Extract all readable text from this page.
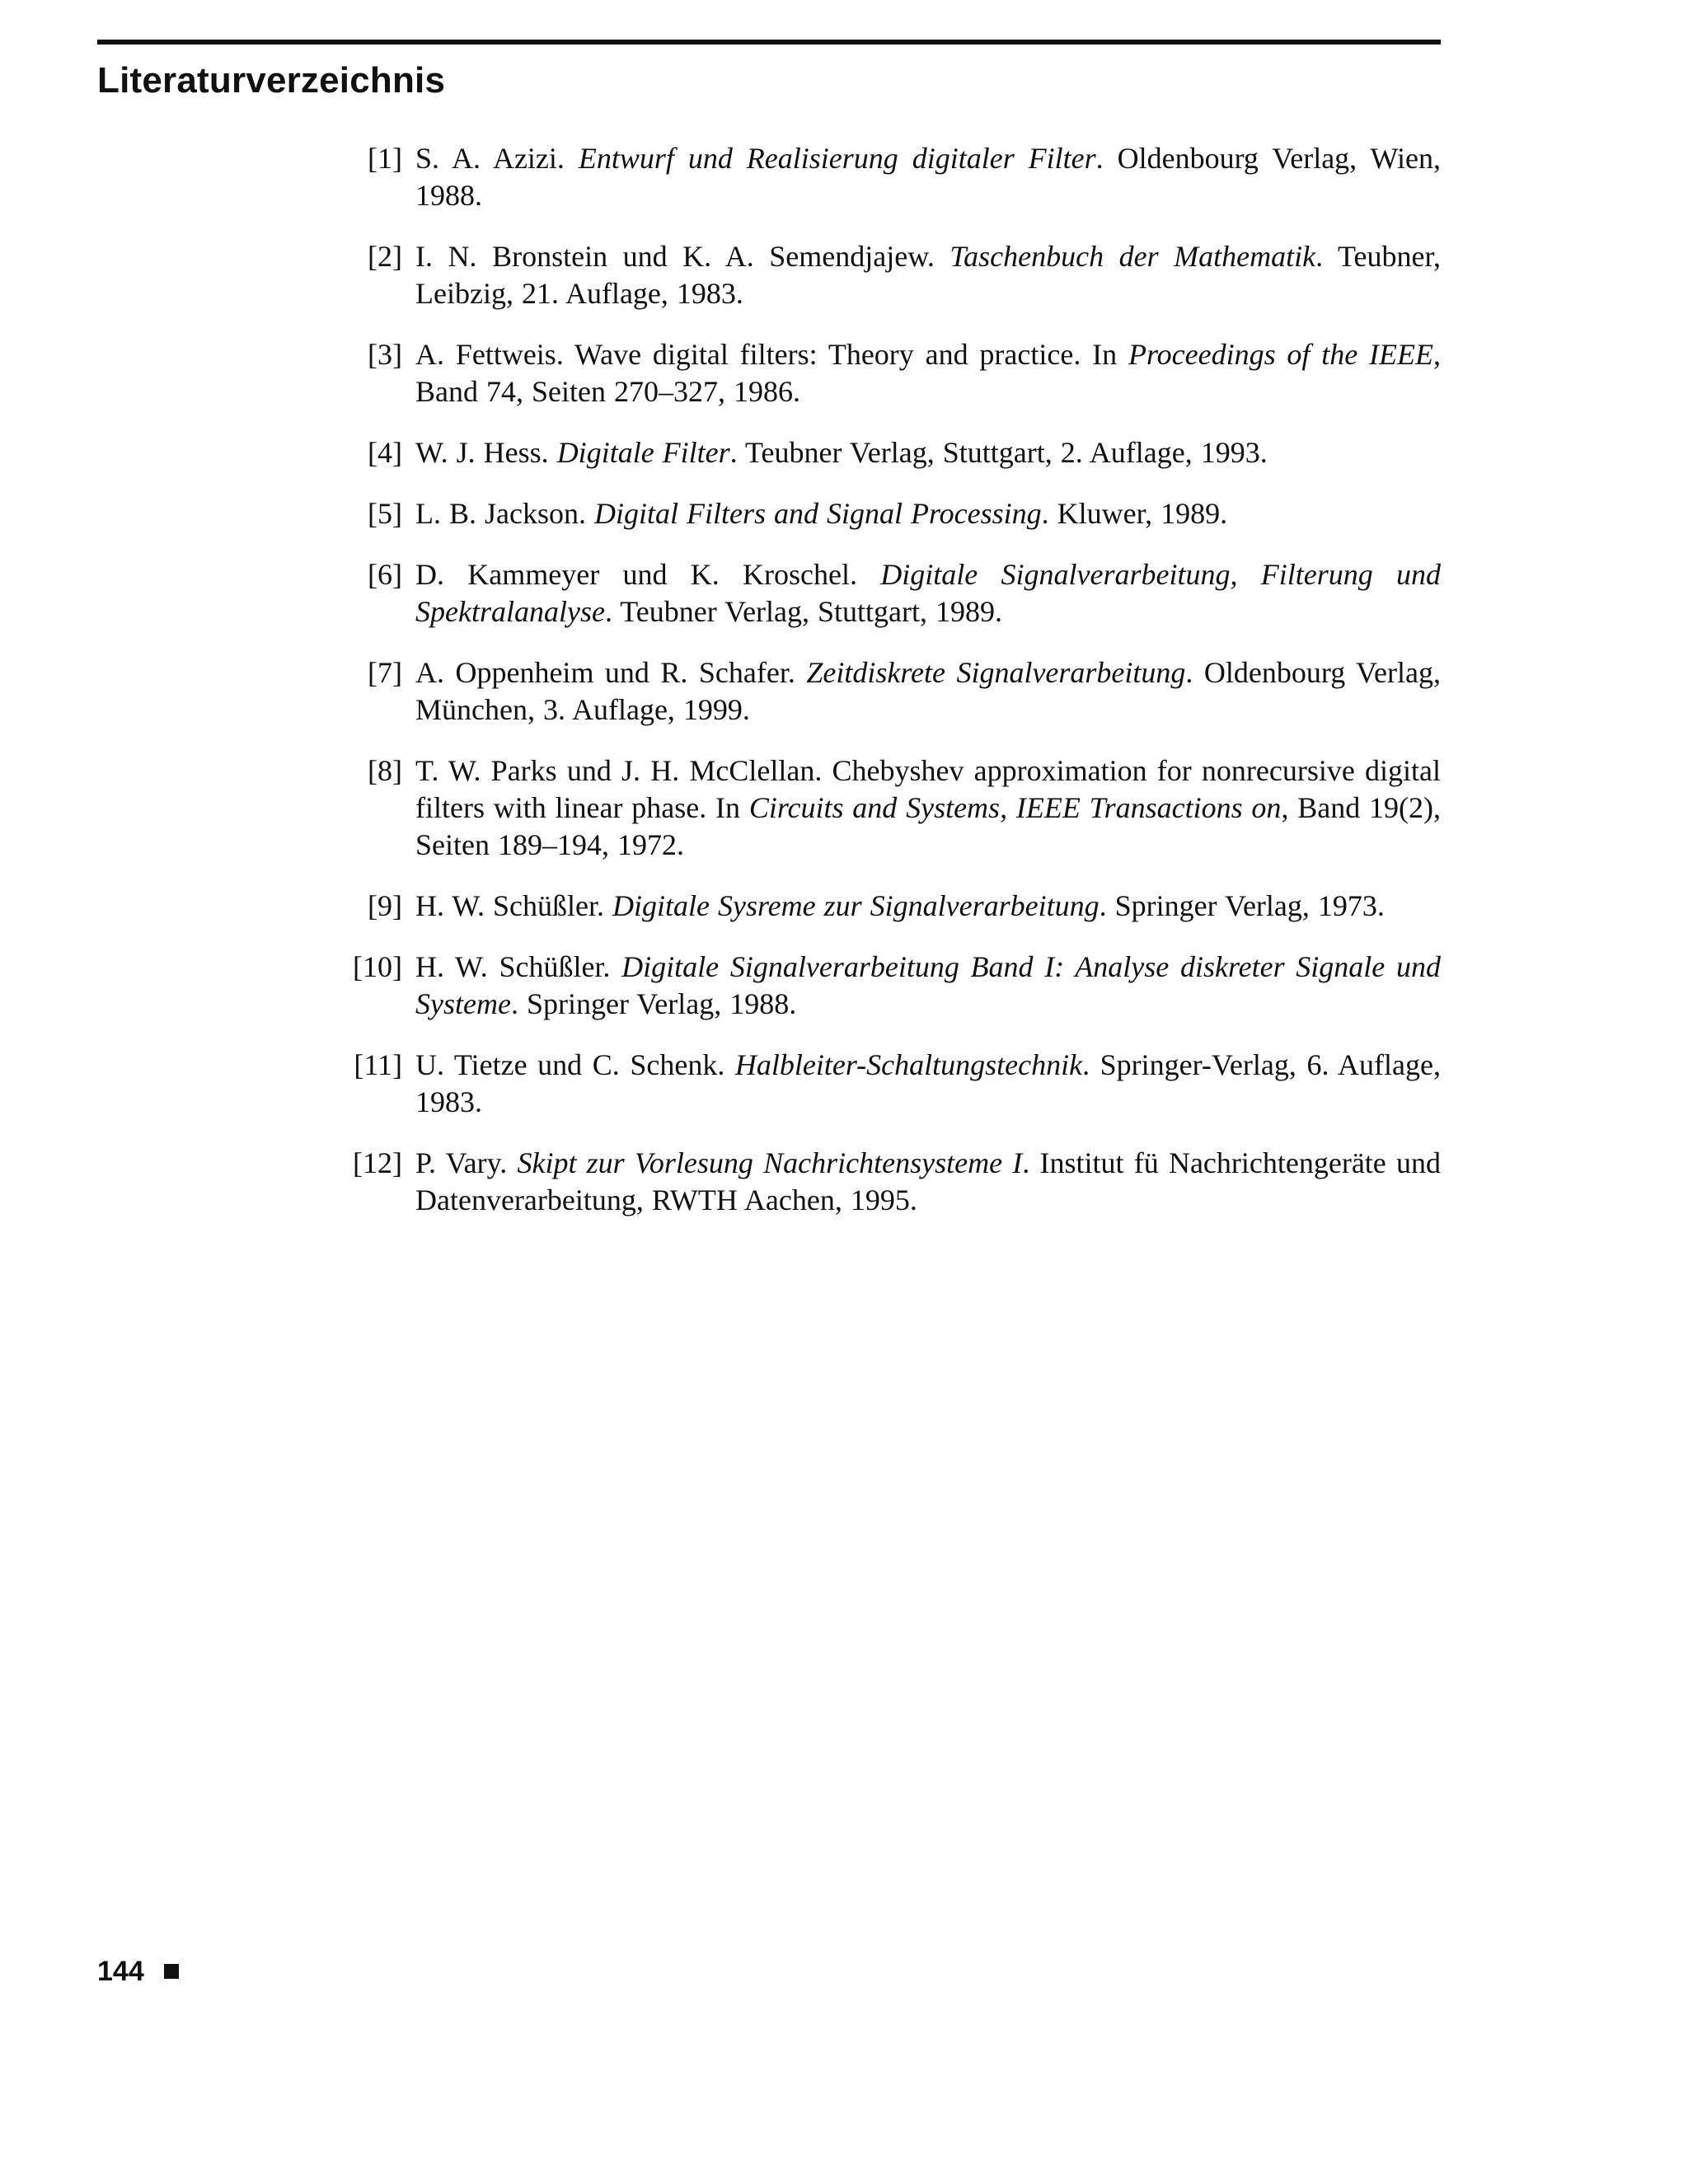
Literaturverzeichnis
[1] S. A. Azizi. Entwurf und Realisierung digitaler Filter. Oldenbourg Verlag, Wien, 1988.
[2] I. N. Bronstein und K. A. Semendjajew. Taschenbuch der Mathematik. Teubner, Leibzig, 21. Auflage, 1983.
[3] A. Fettweis. Wave digital filters: Theory and practice. In Proceedings of the IEEE, Band 74, Seiten 270–327, 1986.
[4] W. J. Hess. Digitale Filter. Teubner Verlag, Stuttgart, 2. Auflage, 1993.
[5] L. B. Jackson. Digital Filters and Signal Processing. Kluwer, 1989.
[6] D. Kammeyer und K. Kroschel. Digitale Signalverarbeitung, Filterung und Spektralanalyse. Teubner Verlag, Stuttgart, 1989.
[7] A. Oppenheim und R. Schafer. Zeitdiskrete Signalverarbeitung. Oldenbourg Verlag, München, 3. Auflage, 1999.
[8] T. W. Parks und J. H. McClellan. Chebyshev approximation for nonrecursive digital filters with linear phase. In Circuits and Systems, IEEE Transactions on, Band 19(2), Seiten 189–194, 1972.
[9] H. W. Schüßler. Digitale Sysreme zur Signalverarbeitung. Springer Verlag, 1973.
[10] H. W. Schüßler. Digitale Signalverarbeitung Band I: Analyse diskreter Signale und Systeme. Springer Verlag, 1988.
[11] U. Tietze und C. Schenk. Halbleiter-Schaltungstechnik. Springer-Verlag, 6. Auflage, 1983.
[12] P. Vary. Skipt zur Vorlesung Nachrichtensysteme I. Institut fü Nachrichtengeräte und Datenverarbeitung, RWTH Aachen, 1995.
144
